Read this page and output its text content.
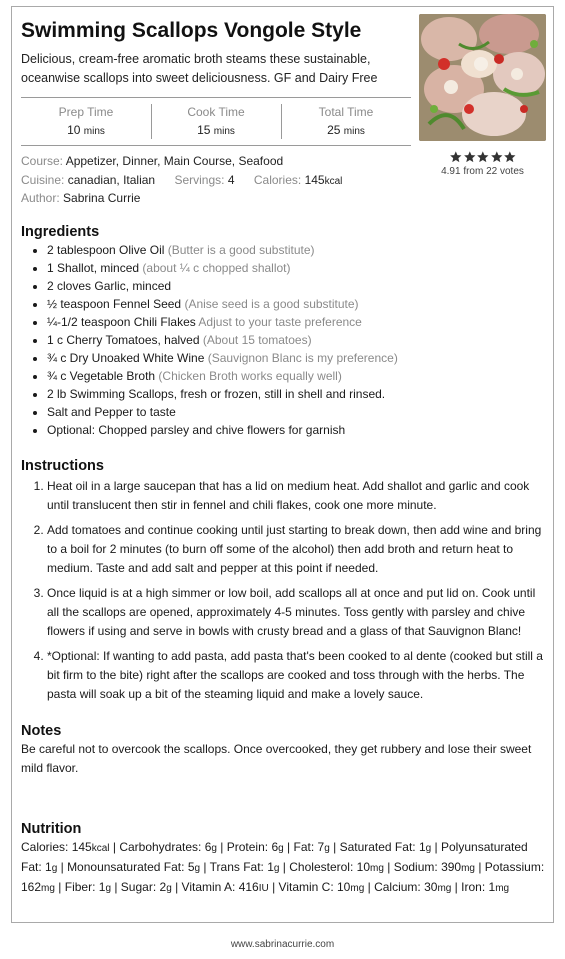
Swimming Scallops Vongole Style
Delicious, cream-free aromatic broth steams these sustainable, oceanwise scallops into sweet deliciousness. GF and Dairy Free
4.91 from 22 votes
Prep Time
10 mins
Cook Time
15 mins
Total Time
25 mins
Course: Appetizer, Dinner, Main Course, Seafood
Cuisine: canadian, Italian Servings: 4 Calories: 145kcal
Author: Sabrina Currie
Ingredients
• 2 tablespoon Olive Oil (Butter is a good substitute)
• 1 Shallot, minced (about ¼ c chopped shallot)
• 2 cloves Garlic, minced
• ½ teaspoon Fennel Seed (Anise seed is a good substitute)
• ¼-1/2 teaspoon Chili Flakes Adjust to your taste preference
• 1 c Cherry Tomatoes, halved (About 15 tomatoes)
• ¾ c Dry Unoaked White Wine (Sauvignon Blanc is my preference)
• ¾ c Vegetable Broth (Chicken Broth works equally well)
• 2 lb Swimming Scallops, fresh or frozen, still in shell and rinsed.
• Salt and Pepper to taste
• Optional: Chopped parsley and chive flowers for garnish
Instructions
1. Heat oil in a large saucepan that has a lid on medium heat. Add shallot and garlic and cook until translucent then stir in fennel and chili flakes, cook one more minute.
2. Add tomatoes and continue cooking until just starting to break down, then add wine and bring to a boil for 2 minutes (to burn off some of the alcohol) then add broth and return heat to medium. Taste and add salt and pepper at this point if needed.
3. Once liquid is at a high simmer or low boil, add scallops all at once and put lid on. Cook until all the scallops are opened, approximately 4-5 minutes. Toss gently with parsley and chive flowers if using and serve in bowls with crusty bread and a glass of that Sauvignon Blanc!
4. *Optional: If wanting to add pasta, add pasta that's been cooked to al dente (cooked but still a bit firm to the bite) right after the scallops are cooked and toss through with the herbs. The pasta will soak up a bit of the steaming liquid and make a lovely sauce.
Notes
Be careful not to overcook the scallops. Once overcooked, they get rubbery and lose their sweet mild flavor.
Nutrition
Calories: 145kcal | Carbohydrates: 6g | Protein: 6g | Fat: 7g | Saturated Fat: 1g | Polyunsaturated Fat: 1g | Monounsaturated Fat: 5g | Trans Fat: 1g | Cholesterol: 10mg | Sodium: 390mg | Potassium: 162mg | Fiber: 1g | Sugar: 2g | Vitamin A: 416IU | Vitamin C: 10mg | Calcium: 30mg | Iron: 1mg
www.sabrinacurrie.com
